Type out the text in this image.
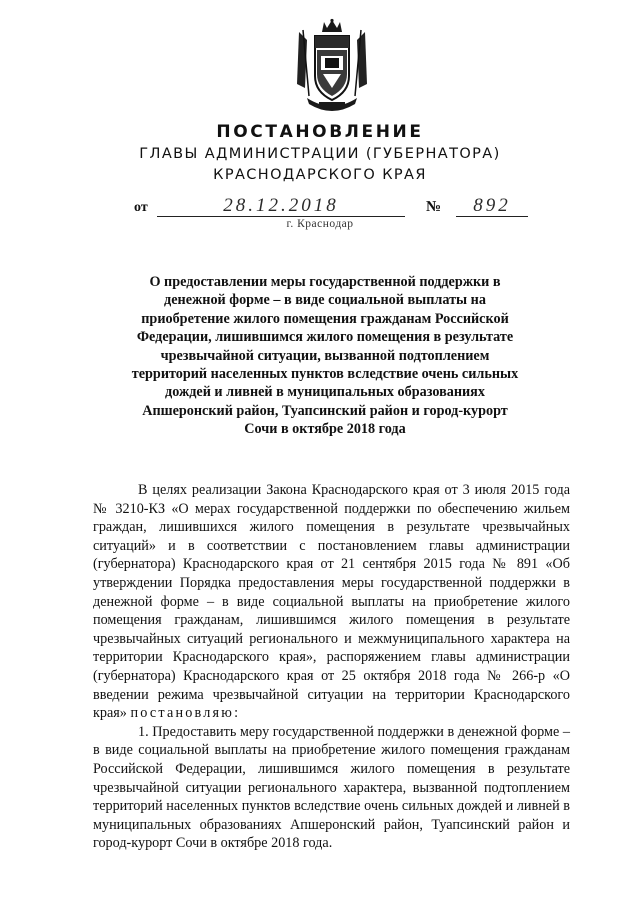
ПОСТАНОВЛЕНИЕ
ГЛАВЫ АДМИНИСТРАЦИИ (ГУБЕРНАТОРА)
КРАСНОДАРСКОГО КРАЯ
от	28.12.2018	№	892
г. Краснодар
О предоставлении меры государственной поддержки в денежной форме – в виде социальной выплаты на приобретение жилого помещения гражданам Российской Федерации, лишившимся жилого помещения в результате чрезвычайной ситуации, вызванной подтоплением территорий населенных пунктов вследствие очень сильных дождей и ливней в муниципальных образованиях Апшеронский район, Туапсинский район и город-курорт Сочи в октябре 2018 года

В целях реализации Закона Краснодарского края от 3 июля 2015 года № 3210-КЗ «О мерах государственной поддержки по обеспечению жильем граждан, лишившихся жилого помещения в результате чрезвычайных ситуаций» и в соответствии с постановлением главы администрации (губернатора) Краснодарского края от 21 сентября 2015 года № 891 «Об утверждении Порядка предоставления меры государственной поддержки в денежной форме – в виде социальной выплаты на приобретение жилого помещения гражданам, лишившимся жилого помещения в результате чрезвычайных ситуаций регионального и межмуниципального характера на территории Краснодарского края», распоряжением главы администрации (губернатора) Краснодарского края от 25 октября 2018 года № 266-р «О введении режима чрезвычайной ситуации на территории Краснодарского края» постановляю:

1. Предоставить меру государственной поддержки в денежной форме – в виде социальной выплаты на приобретение жилого помещения гражданам Российской Федерации, лишившимся жилого помещения в результате чрезвычайной ситуации регионального характера, вызванной подтоплением территорий населенных пунктов вследствие очень сильных дождей и ливней в муниципальных образованиях Апшеронский район, Туапсинский район и город-курорт Сочи в октябре 2018 года.
